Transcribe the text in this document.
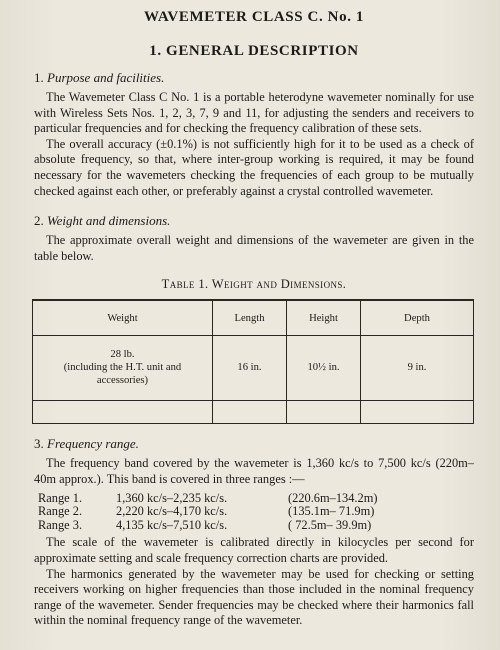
WAVEMETER CLASS C. No. 1
1. GENERAL DESCRIPTION
1. Purpose and facilities.

The Wavemeter Class C No. 1 is a portable heterodyne wavemeter nominally for use with Wireless Sets Nos. 1, 2, 3, 7, 9 and 11, for adjusting the senders and receivers to particular frequencies and for checking the frequency calibration of these sets.

The overall accuracy (±0.1%) is not sufficiently high for it to be used as a check of absolute frequency, so that, where inter-group working is required, it may be found necessary for the wavemeters checking the frequencies of each group to be mutually checked against each other, or preferably against a crystal controlled wavemeter.

2. Weight and dimensions.

The approximate overall weight and dimensions of the wavemeter are given in the table below.

Table 1. Weight and Dimensions.
Weight	Length	Height	Depth
28 lb.
(including the H.T. unit and
accessories)	16 in.	10½ in.	9 in.

3. Frequency range.

The frequency band covered by the wavemeter is 1,360 kc/s to 7,500 kc/s (220m–40m approx.). This band is covered in three ranges :—

Range 1.	1,360 kc/s–2,235 kc/s.	(220.6m–134.2m)
Range 2.	2,220 kc/s–4,170 kc/s.	(135.1m– 71.9m)
Range 3.	4,135 kc/s–7,510 kc/s.	( 72.5m– 39.9m)

The scale of the wavemeter is calibrated directly in kilocycles per second for approximate setting and scale frequency correction charts are provided.

The harmonics generated by the wavemeter may be used for checking or setting receivers working on higher frequencies than those included in the nominal frequency range of the wavemeter. Sender frequencies may be checked where their harmonics fall within the nominal frequency range of the wavemeter.
